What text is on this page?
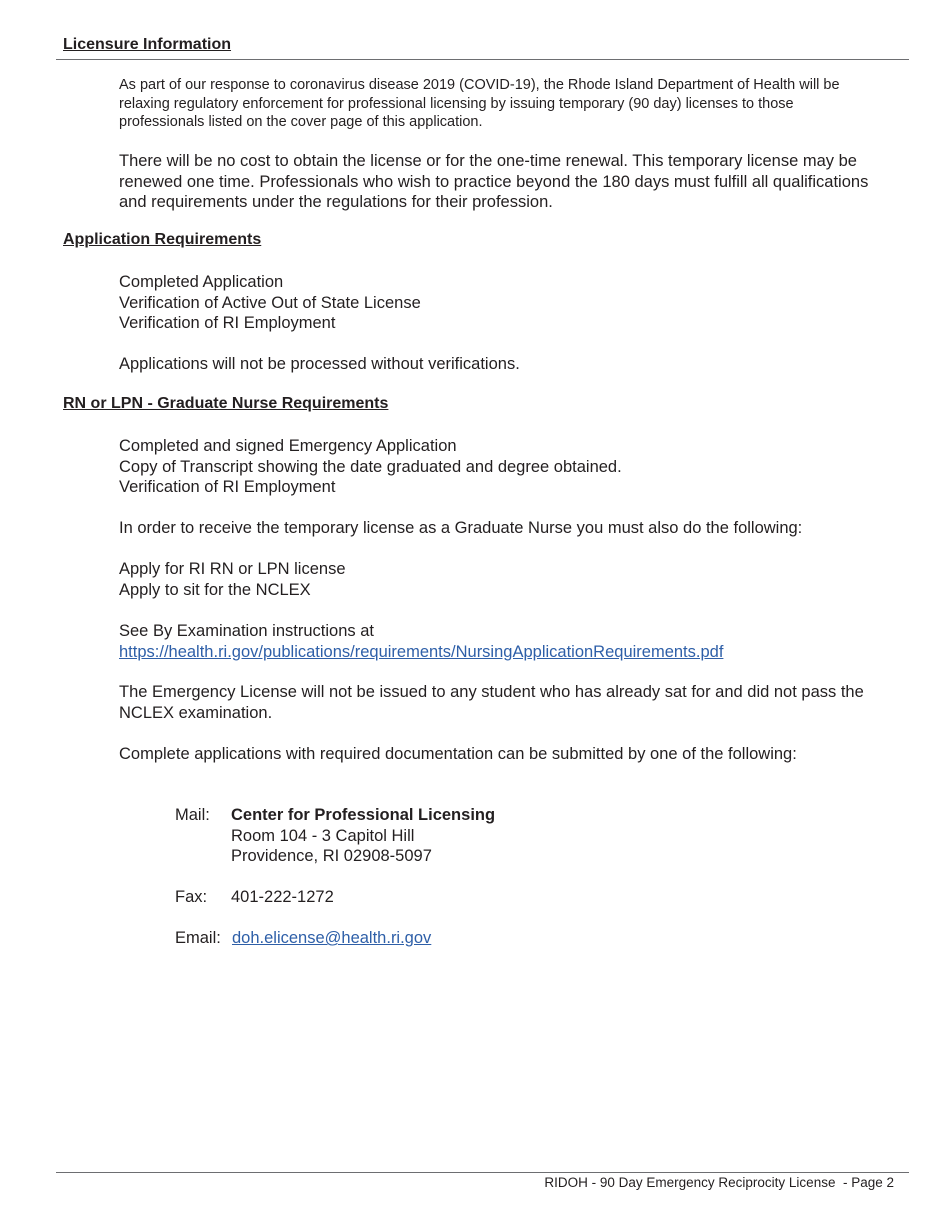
Licensure Information

As part of our response to coronavirus disease 2019 (COVID-19), the Rhode Island Department of Health will be
relaxing regulatory enforcement for professional licensing by issuing temporary (90 day) licenses to those
professionals listed on the cover page of this application.

There will be no cost to obtain the license or for the one-time renewal. This temporary license may be
renewed one time. Professionals who wish to practice beyond the 180 days must fulfill all qualifications
and requirements under the regulations for their profession.

Application Requirements

Completed Application
Verification of Active Out of State License
Verification of RI Employment

Applications will not be processed without verifications.

RN or LPN - Graduate Nurse Requirements

Completed and signed Emergency Application
Copy of Transcript showing the date graduated and degree obtained.
Verification of RI Employment

In order to receive the temporary license as a Graduate Nurse you must also do the following:

Apply for RI RN or LPN license
Apply to sit for the NCLEX

See By Examination instructions at
https://health.ri.gov/publications/requirements/NursingApplicationRequirements.pdf

The Emergency License will not be issued to any student who has already sat for and did not pass the
NCLEX examination.

Complete applications with required documentation can be submitted by one of the following:

Mail: Center for Professional Licensing
Room 104 - 3 Capitol Hill
Providence, RI 02908-5097
Fax: 401-222-1272
Email: doh.elicense@health.ri.gov
RIDOH - 90 Day Emergency Reciprocity License  - Page 2
